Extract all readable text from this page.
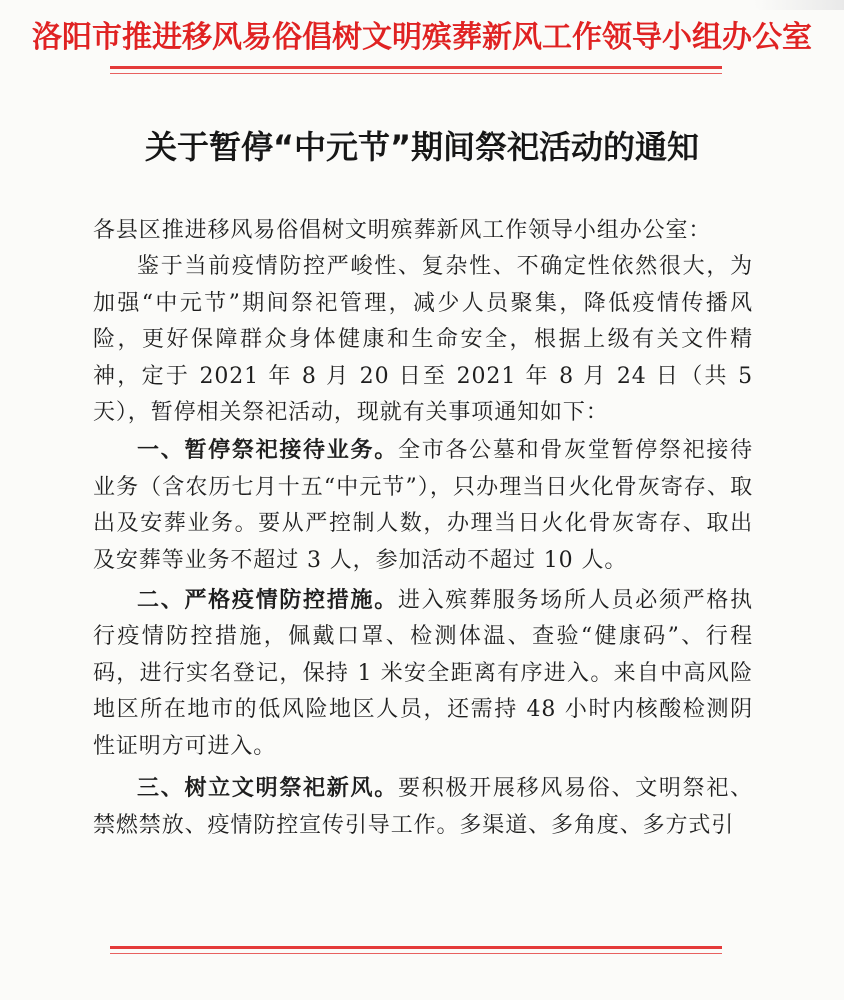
洛阳市推进移风易俗倡树文明殡葬新风工作领导小组办公室
关于暂停“中元节”期间祭祀活动的通知

各县区推进移风易俗倡树文明殡葬新风工作领导小组办公室：

鉴于当前疫情防控严峻性、复杂性、不确定性依然很大，为加强“中元节”期间祭祀管理，减少人员聚集，降低疫情传播风险，更好保障群众身体健康和生命安全，根据上级有关文件精神，定于 2021 年 8 月 20 日至 2021 年 8 月 24 日（共 5 天），暂停相关祭祀活动，现就有关事项通知如下：

一、暂停祭祀接待业务。全市各公墓和骨灰堂暂停祭祀接待业务（含农历七月十五“中元节”），只办理当日火化骨灰寄存、取出及安葬业务。要从严控制人数，办理当日火化骨灰寄存、取出及安葬等业务不超过 3 人，参加活动不超过 10 人。

二、严格疫情防控措施。进入殡葬服务场所人员必须严格执行疫情防控措施，佩戴口罩、检测体温、查验“健康码”、行程码，进行实名登记，保持 1 米安全距离有序进入。来自中高风险地区所在地市的低风险地区人员，还需持 48 小时内核酸检测阴性证明方可进入。

三、树立文明祭祀新风。要积极开展移风易俗、文明祭祀、禁燃禁放、疫情防控宣传引导工作。多渠道、多角度、多方式引
